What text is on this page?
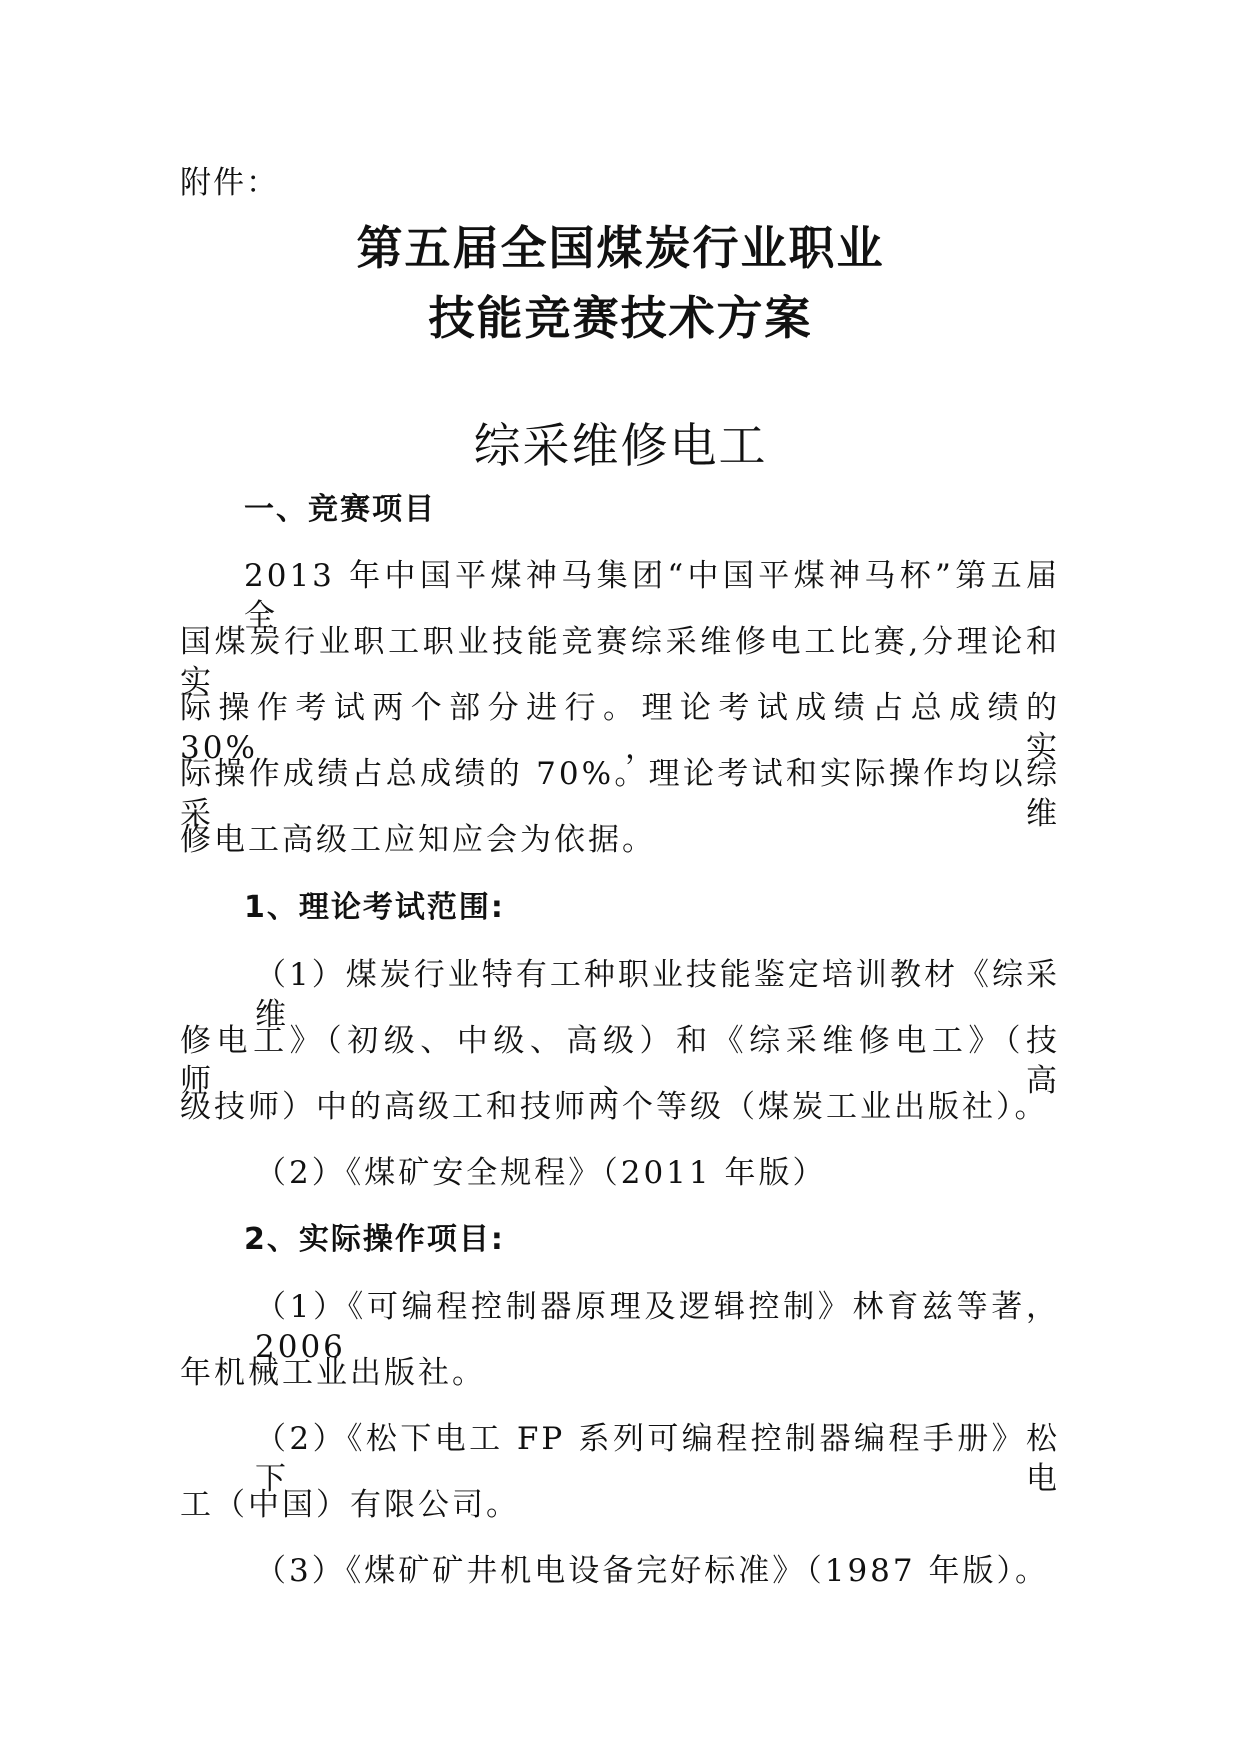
附件：
第五届全国煤炭行业职业
技能竞赛技术方案
综采维修电工
一、竞赛项目
2013 年中国平煤神马集团“中国平煤神马杯”第五届全
国煤炭行业职工职业技能竞赛综采维修电工比赛,分理论和实
际操作考试两个部分进行。理论考试成绩占总成绩的 30%，实
际操作成绩占总成绩的 70%。理论考试和实际操作均以综采维
修电工高级工应知应会为依据。
1、理论考试范围:
（1）煤炭行业特有工种职业技能鉴定培训教材《综采维
修电工》（初级、中级、高级）和《综采维修电工》（技师、高
级技师）中的高级工和技师两个等级（煤炭工业出版社）。
（2）《煤矿安全规程》（2011 年版）
2、实际操作项目:
（1）《可编程控制器原理及逻辑控制》林育兹等著，2006
年机械工业出版社。
（2）《松下电工 FP 系列可编程控制器编程手册》松下电
工（中国）有限公司。
（3）《煤矿矿井机电设备完好标准》（1987 年版）。
